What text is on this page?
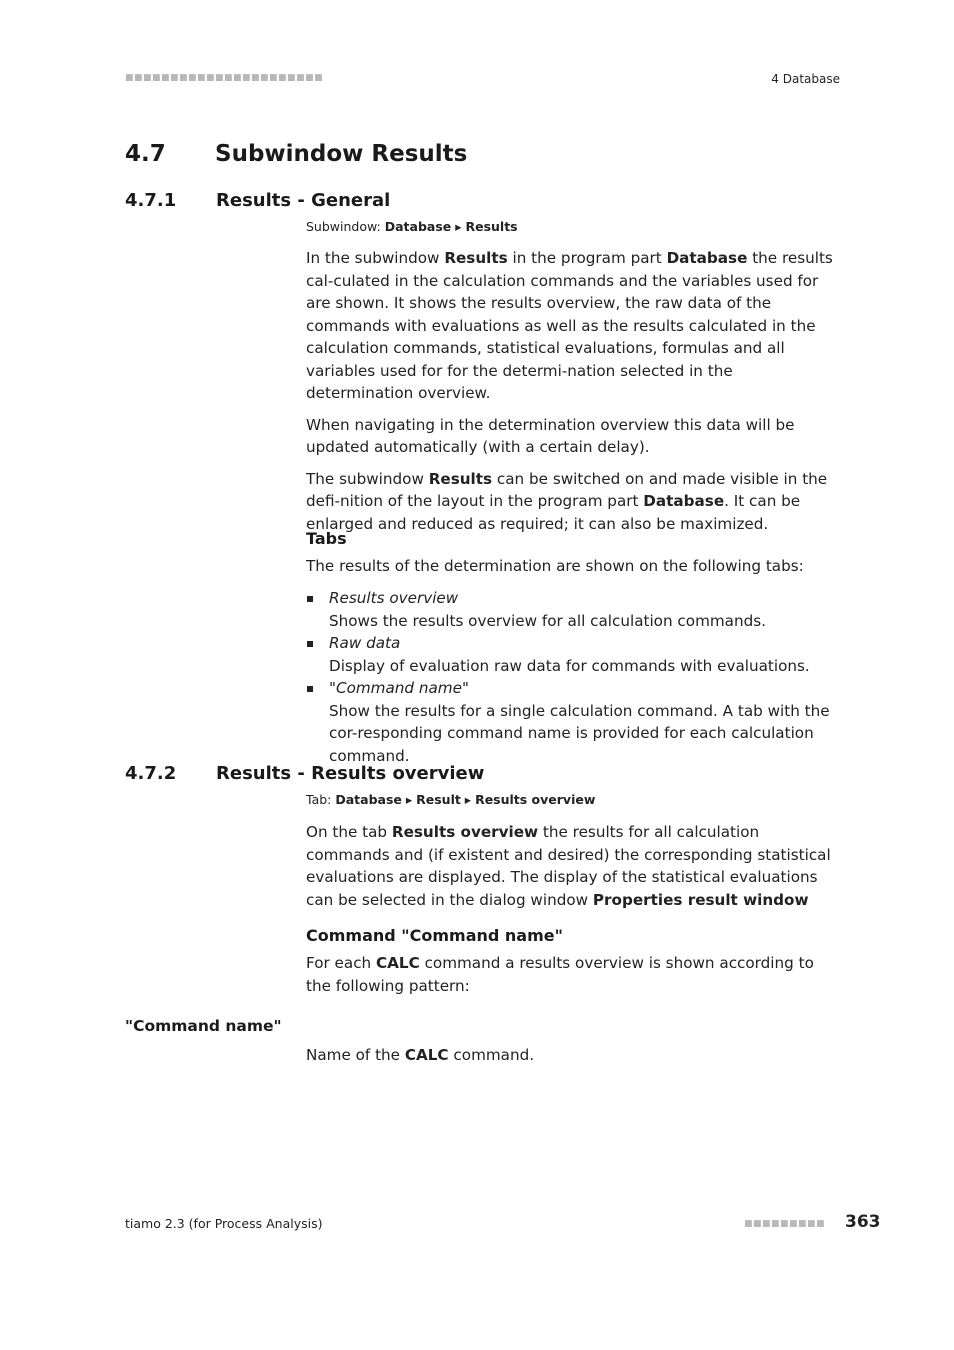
■■■■■■■■■■■■■■■■■■■■■■	4 Database
4.7 Subwindow Results
4.7.1 Results - General
Subwindow: Database ▸ Results

In the subwindow Results in the program part Database the results cal-culated in the calculation commands and the variables used for are shown. It shows the results overview, the raw data of the commands with evaluations as well as the results calculated in the calculation commands, statistical evaluations, formulas and all variables used for for the determi-nation selected in the determination overview.

When navigating in the determination overview this data will be updated automatically (with a certain delay).

The subwindow Results can be switched on and made visible in the defi-nition of the layout in the program part Database. It can be enlarged and reduced as required; it can also be maximized.

Tabs
The results of the determination are shown on the following tabs:
Results overview
Shows the results overview for all calculation commands.
Raw data
Display of evaluation raw data for commands with evaluations.
"Command name"
Show the results for a single calculation command. A tab with the cor-responding command name is provided for each calculation command.
4.7.2 Results - Results overview
Tab: Database ▸ Result ▸ Results overview

On the tab Results overview the results for all calculation commands and (if existent and desired) the corresponding statistical evaluations are displayed. The display of the statistical evaluations can be selected in the dialog window Properties result window

Command "Command name"
For each CALC command a results overview is shown according to the following pattern:
"Command name"
Name of the CALC command.
tiamo 2.3 (for Process Analysis)	■■■■■■■■■ 363
